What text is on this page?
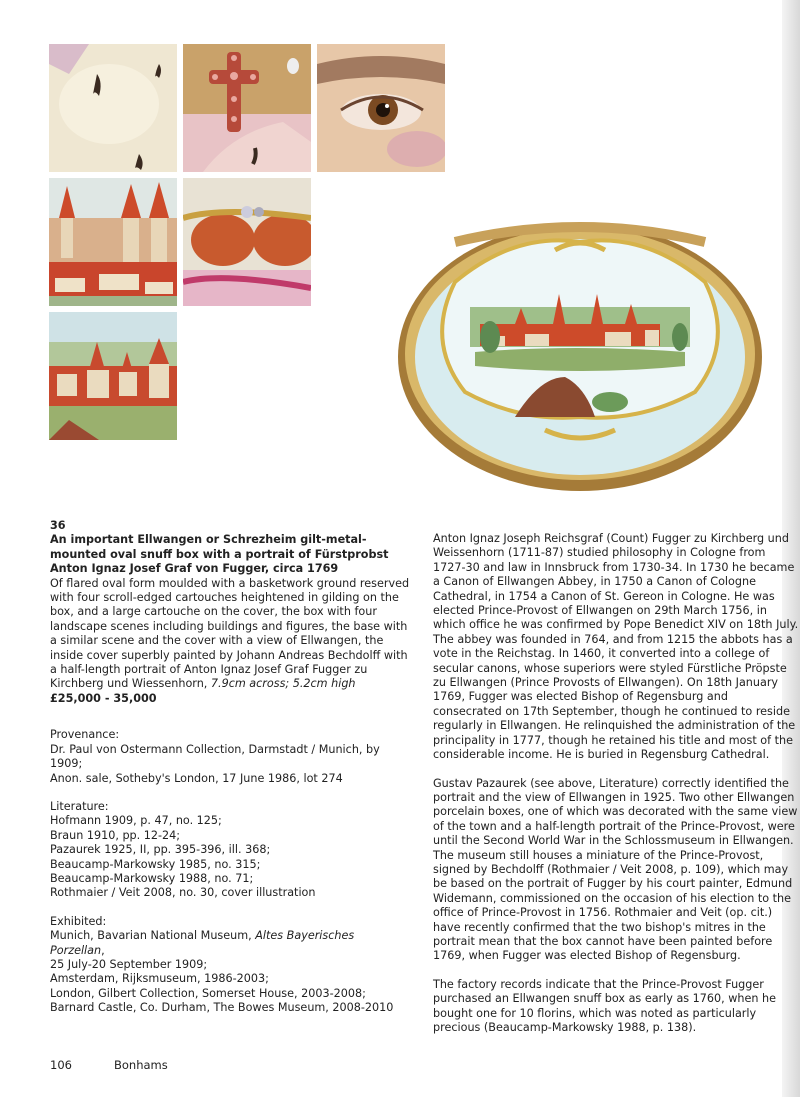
36
An important Ellwangen or Schrezheim gilt-metal-mounted oval snuff box with a portrait of Fürstprobst Anton Ignaz Josef Graf von Fugger, circa 1769
Of flared oval form moulded with a basketwork ground reserved with four scroll-edged cartouches heightened in gilding on the box, and a large cartouche on the cover, the box with four landscape scenes including buildings and figures, the base with a similar scene and the cover with a view of Ellwangen, the inside cover superbly painted by Johann Andreas Bechdolff with a half-length portrait of Anton Ignaz Josef Graf Fugger zu Kirchberg und Wiessenhorn, 7.9cm across; 5.2cm high
£25,000 - 35,000
Provenance:
Dr. Paul von Ostermann Collection, Darmstadt / Munich, by 1909;
Anon. sale, Sotheby's London, 17 June 1986, lot 274
Literature:
Hofmann 1909, p. 47, no. 125;
Braun 1910, pp. 12-24;
Pazaurek 1925, II, pp. 395-396, ill. 368;
Beaucamp-Markowsky 1985, no. 315;
Beaucamp-Markowsky 1988, no. 71;
Rothmaier / Veit 2008, no. 30, cover illustration
Exhibited:
Munich, Bavarian National Museum, Altes Bayerisches Porzellan,
25 July-20 September 1909;
Amsterdam, Rijksmuseum, 1986-2003;
London, Gilbert Collection, Somerset House, 2003-2008;
Barnard Castle, Co. Durham, The Bowes Museum, 2008-2010

Anton Ignaz Joseph Reichsgraf (Count) Fugger zu Kirchberg und Weissenhorn (1711-87) studied philosophy in Cologne from 1727-30 and law in Innsbruck from 1730-34. In 1730 he became a Canon of Ellwangen Abbey, in 1750 a Canon of Cologne Cathedral, in 1754 a Canon of St. Gereon in Cologne. He was elected Prince-Provost of Ellwangen on 29th March 1756, in which office he was confirmed by Pope Benedict XIV on 18th July. The abbey was founded in 764, and from 1215 the abbots has a vote in the Reichstag. In 1460, it converted into a college of secular canons, whose superiors were styled Fürstliche Pröpste zu Ellwangen (Prince Provosts of Ellwangen). On 18th January 1769, Fugger was elected Bishop of Regensburg and consecrated on 17th September, though he continued to reside regularly in Ellwangen. He relinquished the administration of the principality in 1777, though he retained his title and most of the considerable income. He is buried in Regensburg Cathedral.

Gustav Pazaurek (see above, Literature) correctly identified the portrait and the view of Ellwangen in 1925. Two other Ellwangen porcelain boxes, one of which was decorated with the same view of the town and a half-length portrait of the Prince-Provost, were until the Second World War in the Schlossmuseum in Ellwangen. The museum still houses a miniature of the Prince-Provost, signed by Bechdolff (Rothmaier / Veit 2008, p. 109), which may be based on the portrait of Fugger by his court painter, Edmund Widemann, commissioned on the occasion of his election to the office of Prince-Provost in 1756. Rothmaier and Veit (op. cit.) have recently confirmed that the two bishop's mitres in the portrait mean that the box cannot have been painted before 1769, when Fugger was elected Bishop of Regensburg.

The factory records indicate that the Prince-Provost Fugger purchased an Ellwangen snuff box as early as 1760, when he bought one for 10 florins, which was noted as particularly precious (Beaucamp-Markowsky 1988, p. 138).

106	Bonhams
